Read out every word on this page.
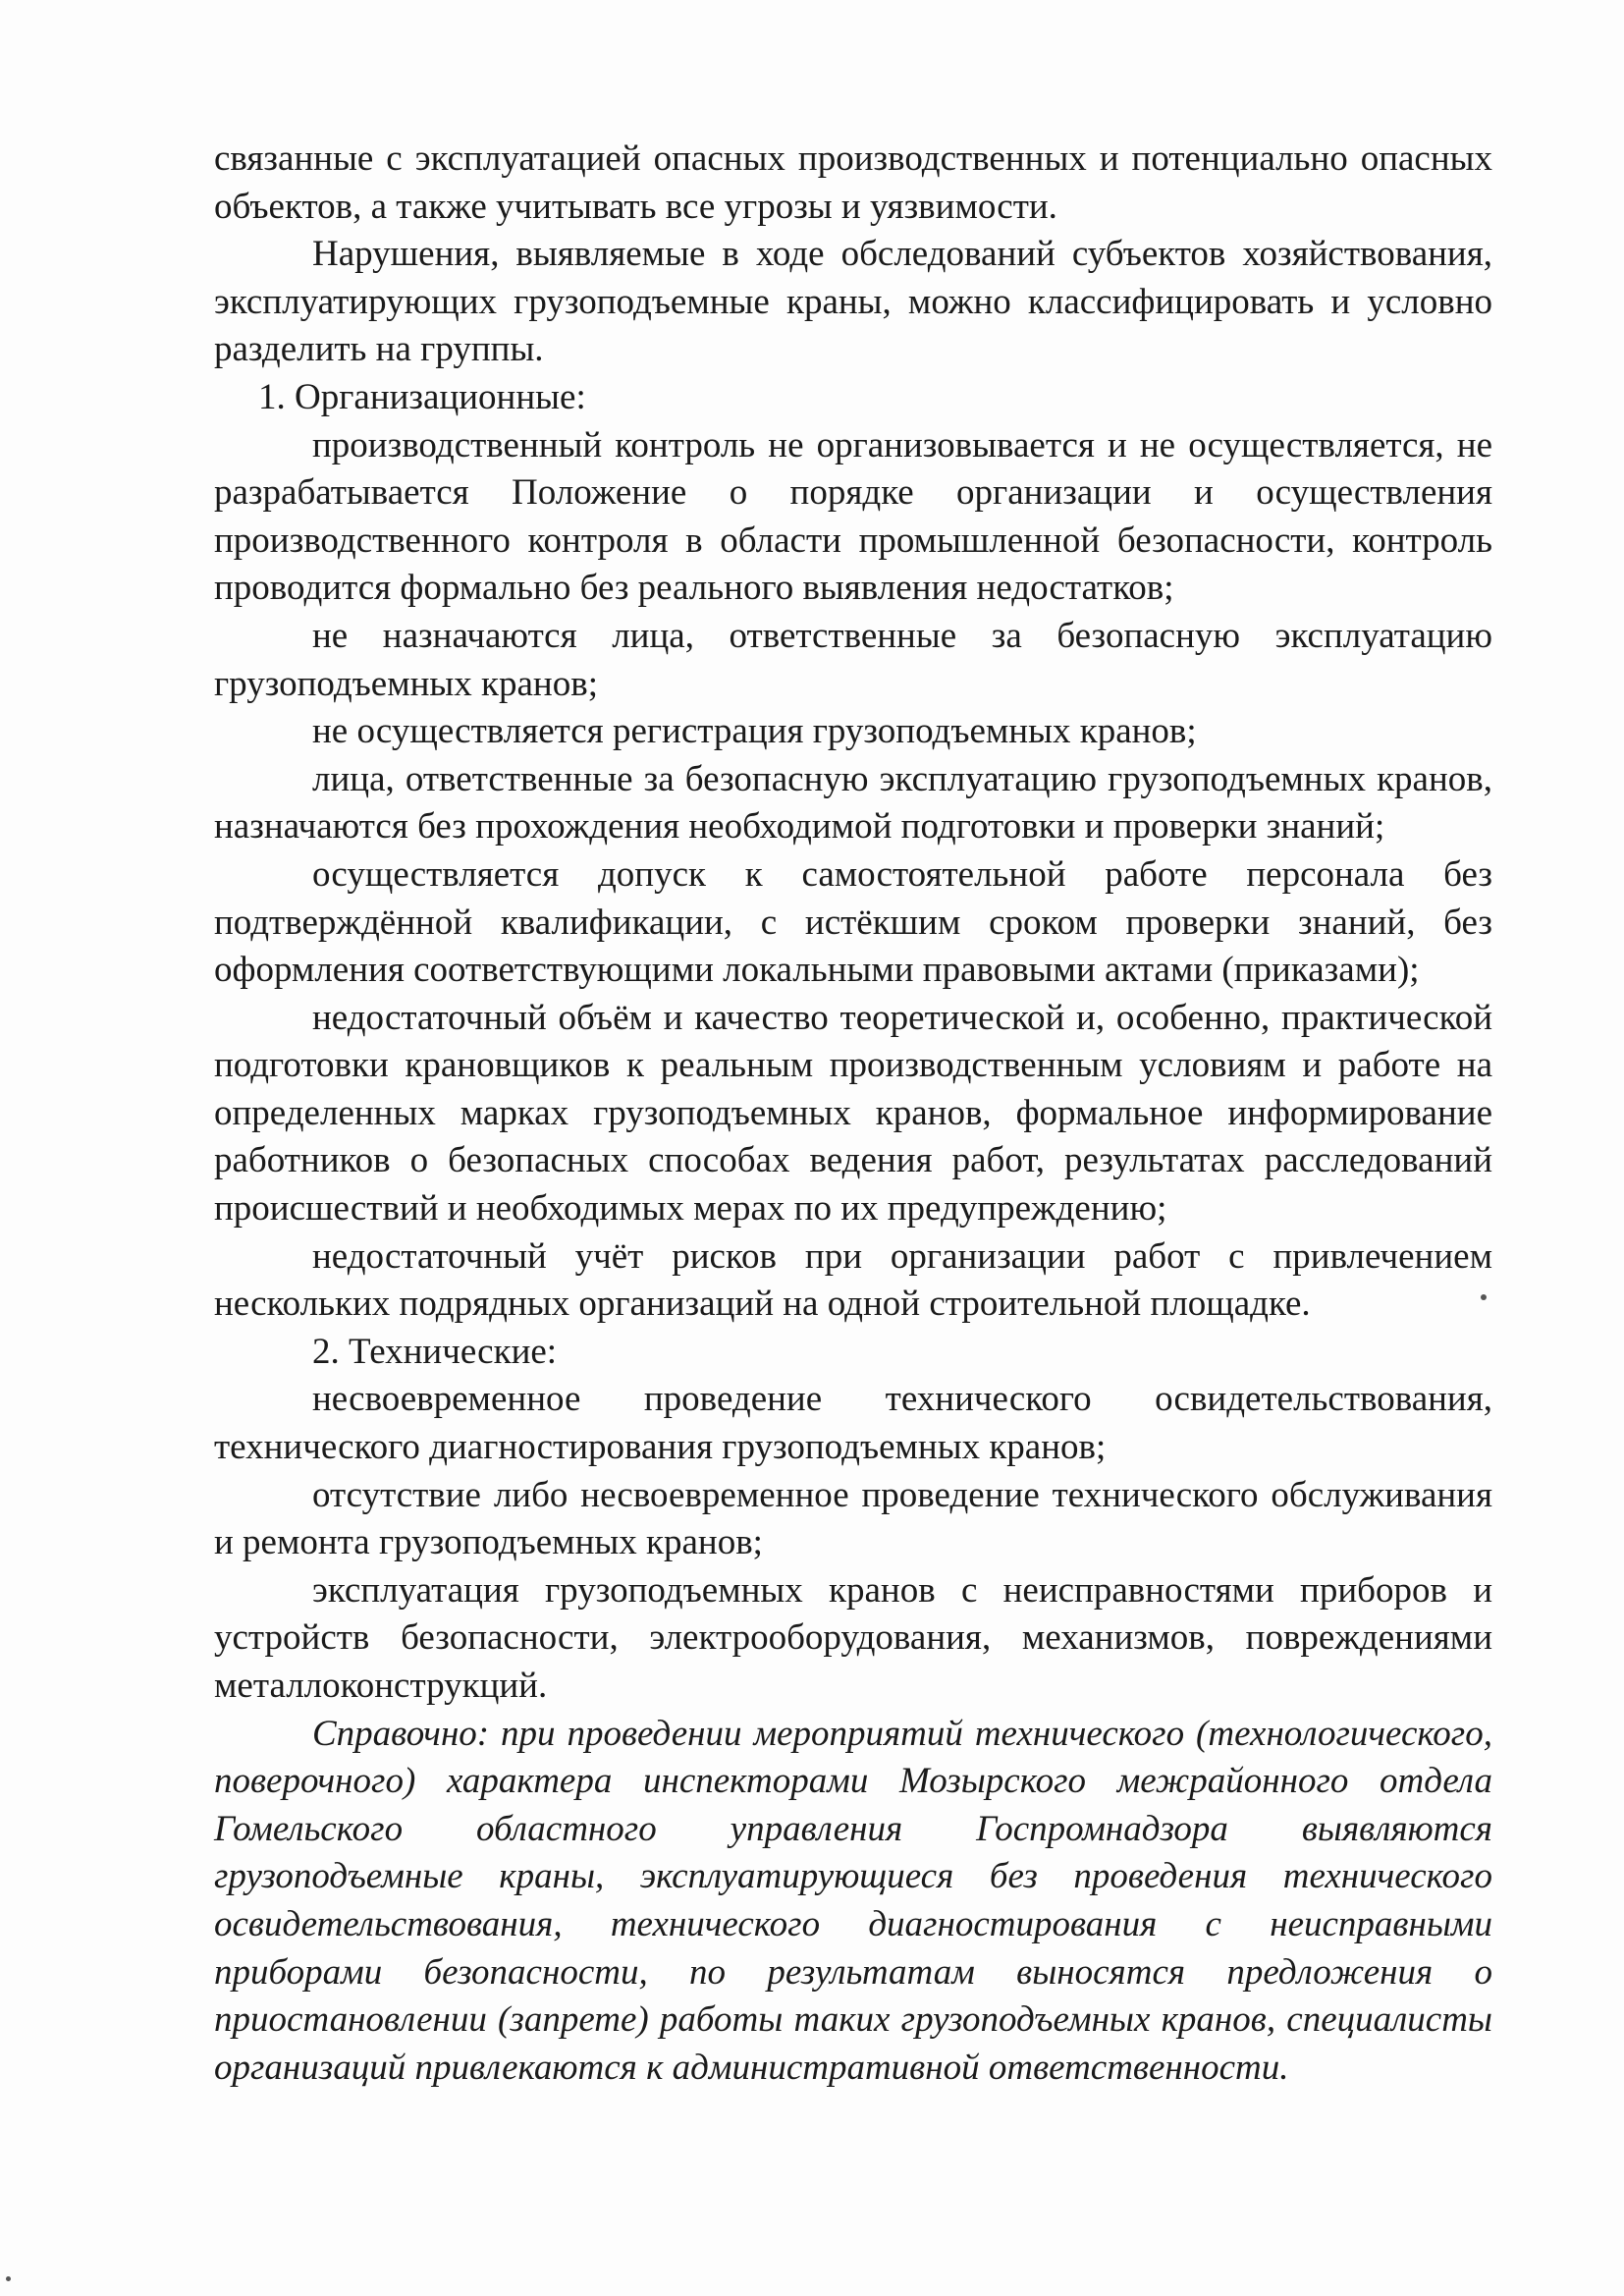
связанные с эксплуатацией опасных производственных и потенциально опасных объектов, а также учитывать все угрозы и уязвимости.

Нарушения, выявляемые в ходе обследований субъектов хозяйствования, эксплуатирующих грузоподъемные краны, можно классифицировать и условно разделить на группы.

1. Организационные:

производственный контроль не организовывается и не осуществляется, не разрабатывается Положение о порядке организации и осуществления производственного контроля в области промышленной безопасности, контроль проводится формально без реального выявления недостатков;

не назначаются лица, ответственные за безопасную эксплуатацию грузоподъемных кранов;

не осуществляется регистрация грузоподъемных кранов;

лица, ответственные за безопасную эксплуатацию грузоподъемных кранов, назначаются без прохождения необходимой подготовки и проверки знаний;

осуществляется допуск к самостоятельной работе персонала без подтверждённой квалификации, с истёкшим сроком проверки знаний, без оформления соответствующими локальными правовыми актами (приказами);

недостаточный объём и качество теоретической и, особенно, практической подготовки крановщиков к реальным производственным условиям и работе на определенных марках грузоподъемных кранов, формальное информирование работников о безопасных способах ведения работ, результатах расследований происшествий и необходимых мерах по их предупреждению;

недостаточный учёт рисков при организации работ с привлечением нескольких подрядных организаций на одной строительной площадке.

2. Технические:

несвоевременное проведение технического освидетельствования, технического диагностирования грузоподъемных кранов;

отсутствие либо несвоевременное проведение технического обслуживания и ремонта грузоподъемных кранов;

эксплуатация грузоподъемных кранов с неисправностями приборов и устройств безопасности, электрооборудования, механизмов, повреждениями металлоконструкций.

Справочно: при проведении мероприятий технического (технологического, поверочного) характера инспекторами Мозырского межрайонного отдела Гомельского областного управления Госпромнадзора выявляются грузоподъемные краны, эксплуатирующиеся без проведения технического освидетельствования, технического диагностирования с неисправными приборами безопасности, по результатам выносятся предложения о приостановлении (запрете) работы таких грузоподъемных кранов, специалисты организаций привлекаются к административной ответственности.
